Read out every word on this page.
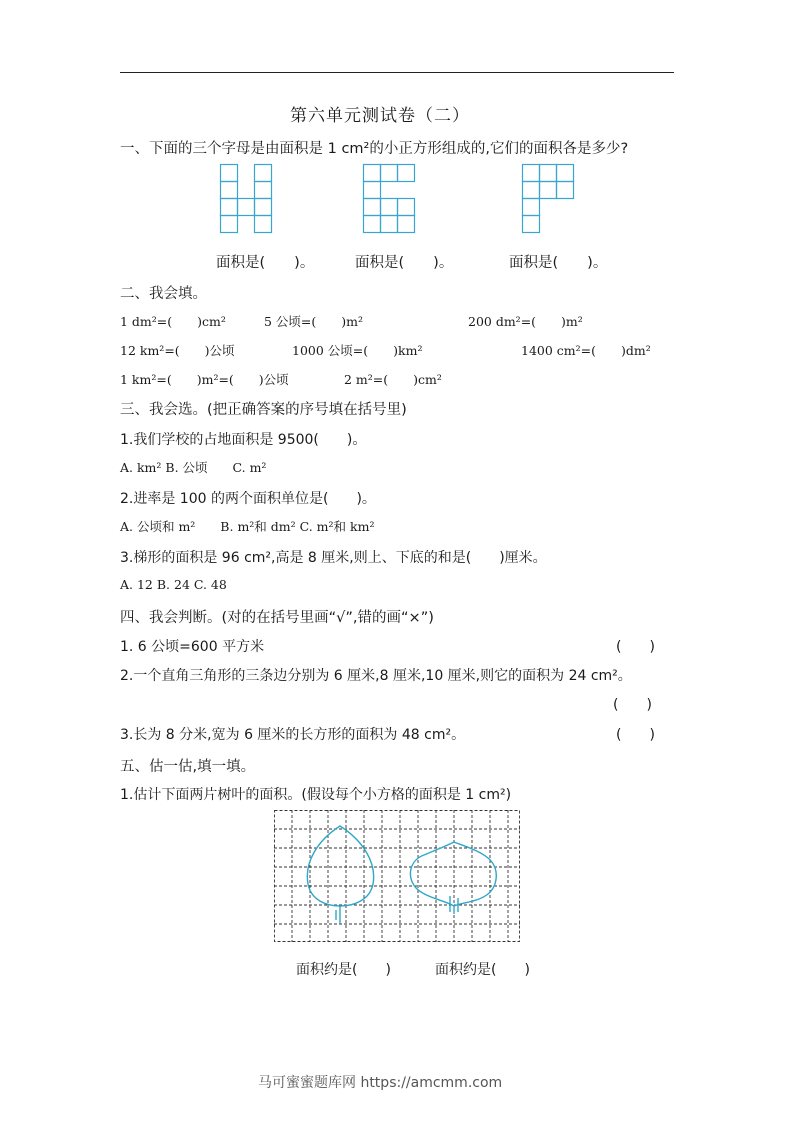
第六单元测试卷（二）
一、下面的三个字母是由面积是 1 cm²的小正方形组成的,它们的面积各是多少?
面积是(　　)。	面积是(　　)。	面积是(　　)。
二、我会填。
1 dm²=(　　)cm²	5 公顷=(　　)m²	200 dm²=(　　)m²
12 km²=(　　)公顷	1000 公顷=(　　)km²	1400 cm²=(　　)dm²
1 km²=(　　)m²=(　　)公顷	2 m²=(　　)cm²
三、我会选。(把正确答案的序号填在括号里)
1.我们学校的占地面积是 9500(　　)。
A. km² B. 公顷　　C. m²
2.进率是 100 的两个面积单位是(　　)。
A. 公顷和 m²　　B. m²和 dm² C. m²和 km²
3.梯形的面积是 96 cm²,高是 8 厘米,则上、下底的和是(　　)厘米。
A. 12 B. 24 C. 48
四、我会判断。(对的在括号里画“√”,错的画“×”)
1. 6 公顷=600 平方米	(　　)
2.一个直角三角形的三条边分别为 6 厘米,8 厘米,10 厘米,则它的面积为 24 cm²。
(　　)
3.长为 8 分米,宽为 6 厘米的长方形的面积为 48 cm²。	(　　)
五、估一估,填一填。
1.估计下面两片树叶的面积。(假设每个小方格的面积是 1 cm²)
面积约是(　　)	面积约是(　　)
马可蜜蜜题库网 https://amcmm.com
